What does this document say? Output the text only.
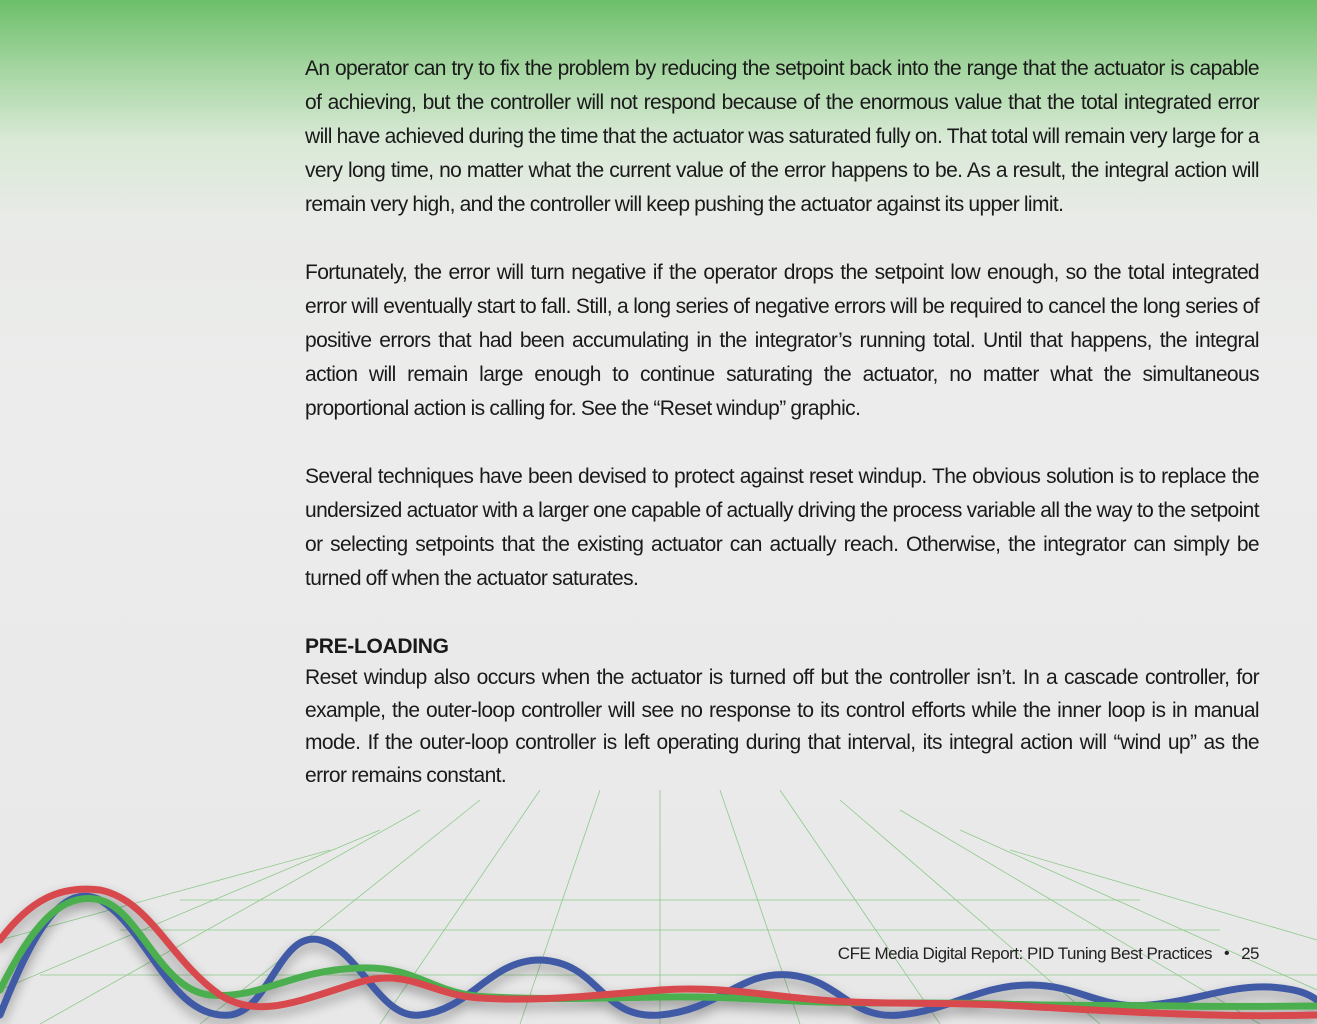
An operator can try to fix the problem by reducing the setpoint back into the range that the actuator is capable of achieving, but the controller will not respond because of the enormous value that the total integrated error will have achieved during the time that the actuator was saturated fully on. That total will remain very large for a very long time, no matter what the current value of the error happens to be. As a result, the integral action will remain very high, and the controller will keep pushing the actuator against its upper limit.

Fortunately, the error will turn negative if the operator drops the setpoint low enough, so the total integrated error will eventually start to fall. Still, a long series of negative errors will be required to cancel the long series of positive errors that had been accumulating in the integrator’s running total. Until that happens, the integral action will remain large enough to continue saturating the actuator, no matter what the simultaneous proportional action is calling for. See the “Reset windup” graphic.

Several techniques have been devised to protect against reset windup. The obvious solution is to replace the undersized actuator with a larger one capable of actually driving the process variable all the way to the setpoint or selecting setpoints that the existing actuator can actually reach. Otherwise, the integrator can simply be turned off when the actuator saturates.

PRE-LOADING

Reset windup also occurs when the actuator is turned off but the controller isn’t. In a cascade controller, for example, the outer-loop controller will see no response to its control efforts while the inner loop is in manual mode. If the outer-loop controller is left operating during that interval, its integral action will “wind up” as the error remains constant.

CFE Media Digital Report: PID Tuning Best Practices • 25
